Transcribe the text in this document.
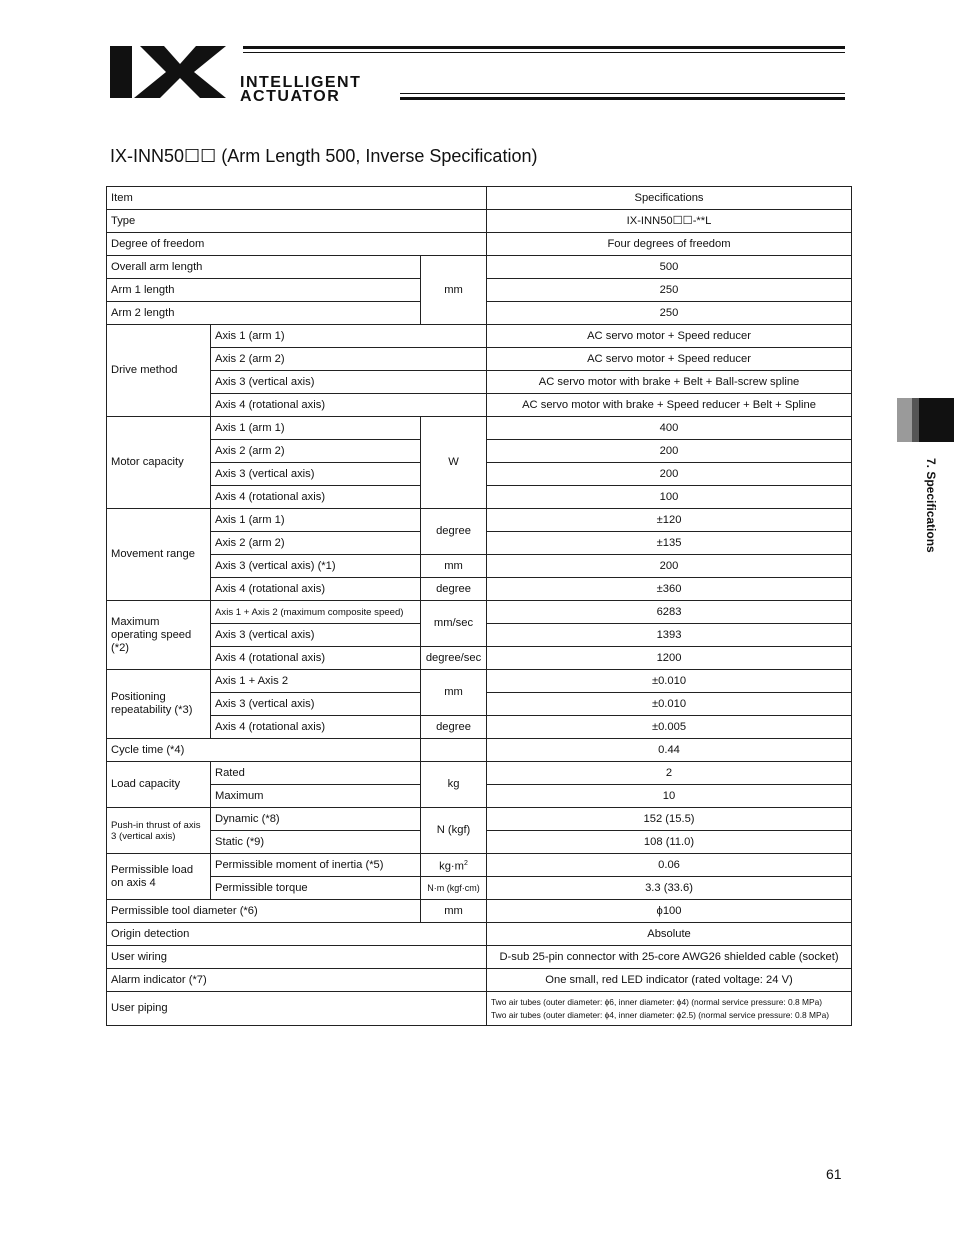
INTELLIGENT
ACTUATOR
IX-INN50☐☐ (Arm Length 500, Inverse Specification)
Item			Specifications
Type			IX-INN50☐☐-**L
Degree of freedom			Four degrees of freedom
Overall arm length		mm	500
Arm 1 length			250
Arm 2 length			250
Drive method	Axis 1 (arm 1)		AC servo motor + Speed reducer
	Axis 2 (arm 2)		AC servo motor + Speed reducer
	Axis 3 (vertical axis)		AC servo motor with brake + Belt + Ball-screw spline
	Axis 4 (rotational axis)		AC servo motor with brake + Speed reducer + Belt + Spline
Motor capacity	Axis 1 (arm 1)	W	400
	Axis 2 (arm 2)		200
	Axis 3 (vertical axis)		200
	Axis 4 (rotational axis)		100
Movement range	Axis 1 (arm 1)	degree	±120
	Axis 2 (arm 2)		±135
	Axis 3 (vertical axis) (*1)	mm	200
	Axis 4 (rotational axis)	degree	±360
Maximum operating speed (*2)	Axis 1 + Axis 2 (maximum composite speed)	mm/sec	6283
	Axis 3 (vertical axis)		1393
	Axis 4 (rotational axis)	degree/sec	1200
Positioning repeatability (*3)	Axis 1 + Axis 2	mm	±0.010
	Axis 3 (vertical axis)		±0.010
	Axis 4 (rotational axis)	degree	±0.005
Cycle time (*4)			0.44
Load capacity	Rated	kg	2
	Maximum		10
Push-in thrust of axis 3 (vertical axis)	Dynamic (*8)	N (kgf)	152 (15.5)
	Static (*9)		108 (11.0)
Permissible load on axis 4	Permissible moment of inertia (*5)	$kg\cdot m^2$	0.06
	Permissible torque	N·m (kgf·cm)	3.3 (33.6)
Permissible tool diameter (*6)		mm	ϕ100
Origin detection			Absolute
User wiring			D-sub 25-pin connector with 25-core AWG26 shielded cable (socket)
Alarm indicator (*7)			One small, red LED indicator (rated voltage: 24 V)
User piping			Two air tubes (outer diameter: ϕ6, inner diameter: ϕ4) (normal service pressure: 0.8 MPa)
Two air tubes (outer diameter: ϕ4, inner diameter: ϕ2.5) (normal service pressure: 0.8 MPa)
7. Specifications
61
